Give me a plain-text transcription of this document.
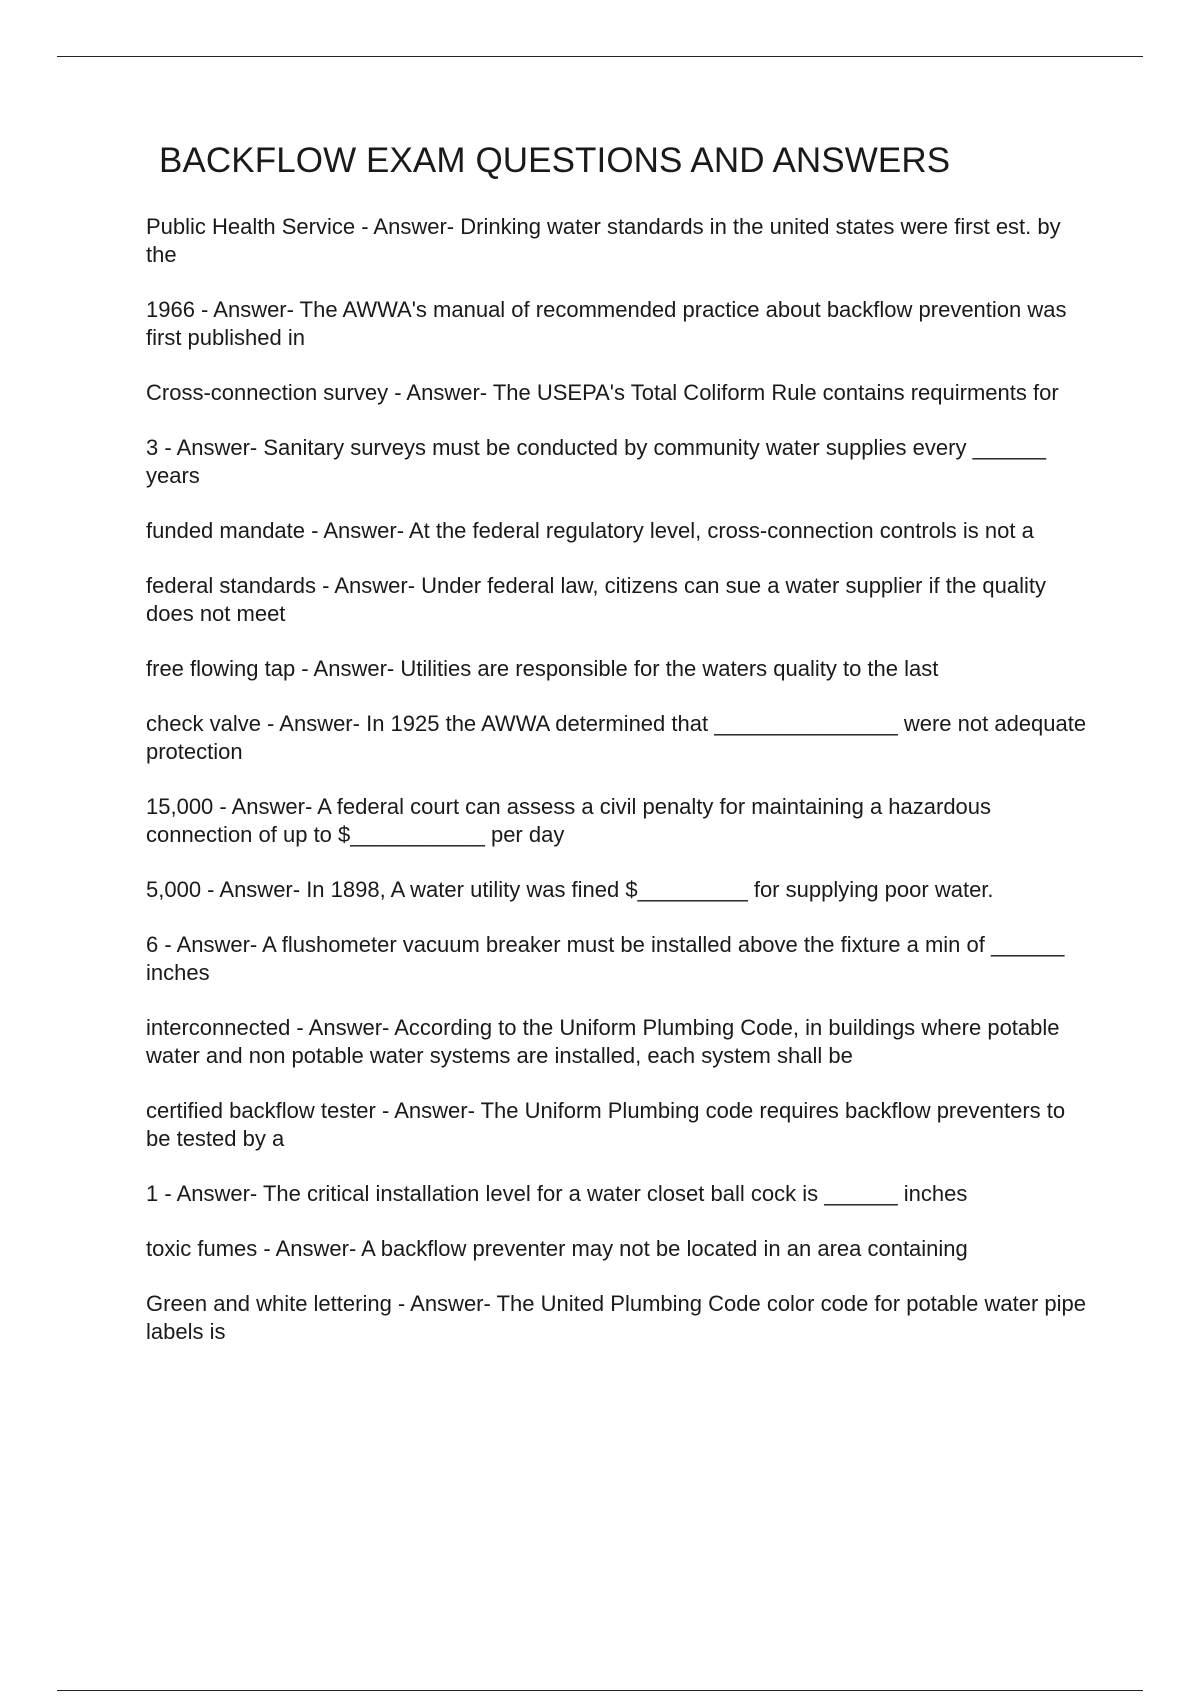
BACKFLOW EXAM QUESTIONS AND ANSWERS
Public Health Service - Answer- Drinking water standards in the united states were first est. by the
1966 - Answer- The AWWA's manual of recommended practice about backflow prevention was first published in
Cross-connection survey - Answer- The USEPA's Total Coliform Rule contains requirments for
3 - Answer- Sanitary surveys must be conducted by community water supplies every ______ years
funded mandate - Answer- At the federal regulatory level, cross-connection controls is not a
federal standards - Answer- Under federal law, citizens can sue a water supplier if the quality does not meet
free flowing tap - Answer- Utilities are responsible for the waters quality to the last
check valve - Answer- In 1925 the AWWA determined that _______________ were not adequate protection
15,000 - Answer- A federal court can assess a civil penalty for maintaining a hazardous connection of up to $___________ per day
5,000 - Answer- In 1898, A water utility was fined $_________ for supplying poor water.
6 - Answer- A flushometer vacuum breaker must be installed above the fixture a min of ______ inches
interconnected - Answer- According to the Uniform Plumbing Code, in buildings where potable water and non potable water systems are installed, each system shall be
certified backflow tester - Answer- The Uniform Plumbing code requires backflow preventers to be tested by a
1 - Answer- The critical installation level for a water closet ball cock is ______ inches
toxic fumes - Answer- A backflow preventer may not be located in an area containing
Green and white lettering - Answer- The United Plumbing Code color code for potable water pipe labels is
